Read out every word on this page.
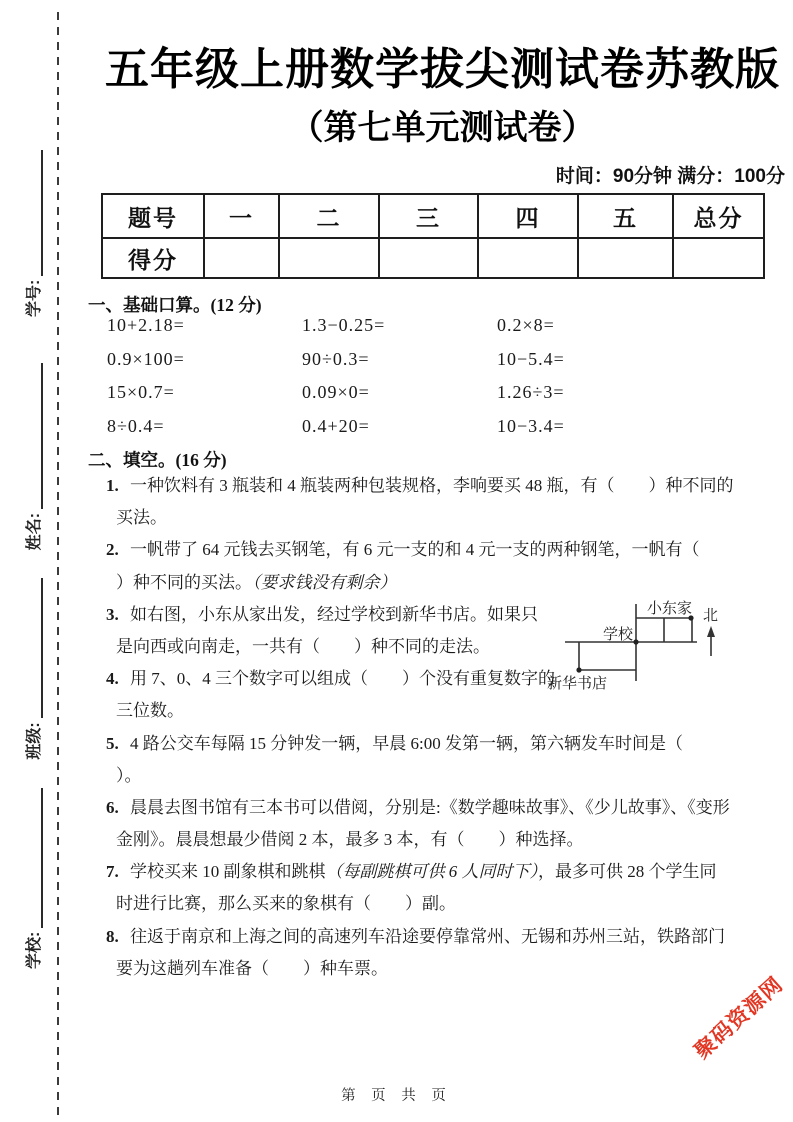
学校:
班级:
姓名:
学号:
五年级上册数学拔尖测试卷苏教版
（第七单元测试卷）
时间：90分钟 满分：100分
题号	一	二	三	四	五	总分
得分						
一、基础口算。(12 分)
10+2.18=	1.3−0.25=	0.2×8=
0.9×100=	90÷0.3=	10−5.4=
15×0.7=	0.09×0=	1.26÷3=
8÷0.4=	0.4+20=	10−3.4=
二、填空。(16 分)
1. 一种饮料有 3 瓶装和 4 瓶装两种包装规格，李响要买 48 瓶，有（　　）种不同的
买法。
2. 一帆带了 64 元钱去买钢笔，有 6 元一支的和 4 元一支的两种钢笔，一帆有（
）种不同的买法。（要求钱没有剩余）
3. 如右图，小东从家出发，经过学校到新华书店。如果只
是向西或向南走，一共有（　　）种不同的走法。
4. 用 7、0、4 三个数字可以组成（　　）个没有重复数字的
三位数。
5. 4 路公交车每隔 15 分钟发一辆，早晨 6:00 发第一辆，第六辆发车时间是（
）。
6. 晨晨去图书馆有三本书可以借阅，分别是:《数学趣味故事》、《少儿故事》、《变形
金刚》。晨晨想最少借阅 2 本，最多 3 本，有（　　）种选择。
7. 学校买来 10 副象棋和跳棋（每副跳棋可供 6 人同时下），最多可供 28 个学生同
时进行比赛，那么买来的象棋有（　　）副。
8. 往返于南京和上海之间的高速列车沿途要停靠常州、无锡和苏州三站，铁路部门
要为这趟列车准备（　　）种车票。
小东家
学校
新华书店
北
第 页 共 页
聚码资源网
